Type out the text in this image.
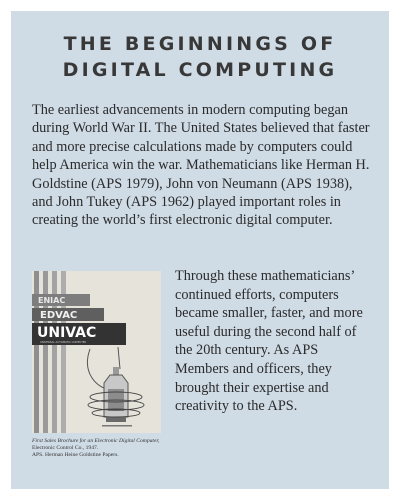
THE BEGINNINGS OF
DIGITAL COMPUTING

The earliest advancements in modern computing began during World War II. The United States believed that faster and more precise calculations made by computers could help America win the war. Mathematicians like Herman H. Goldstine (APS 1979), John von Neumann (APS 1938), and John Tukey (APS 1962) played important roles in creating the world’s first electronic digital computer.

ENIAC
EDVAC
UNIVAC
UNIVERSAL AUTOMATIC COMPUTER

Through these mathematicians’ continued efforts, computers became smaller, faster, and more useful during the second half of the 20th century. As APS Members and officers, they brought their expertise and creativity to the APS.

First Sales Brochure for an Electronic Digital Computer, Electronic Control Co., 1947.
APS. Herman Heine Goldstine Papers.
